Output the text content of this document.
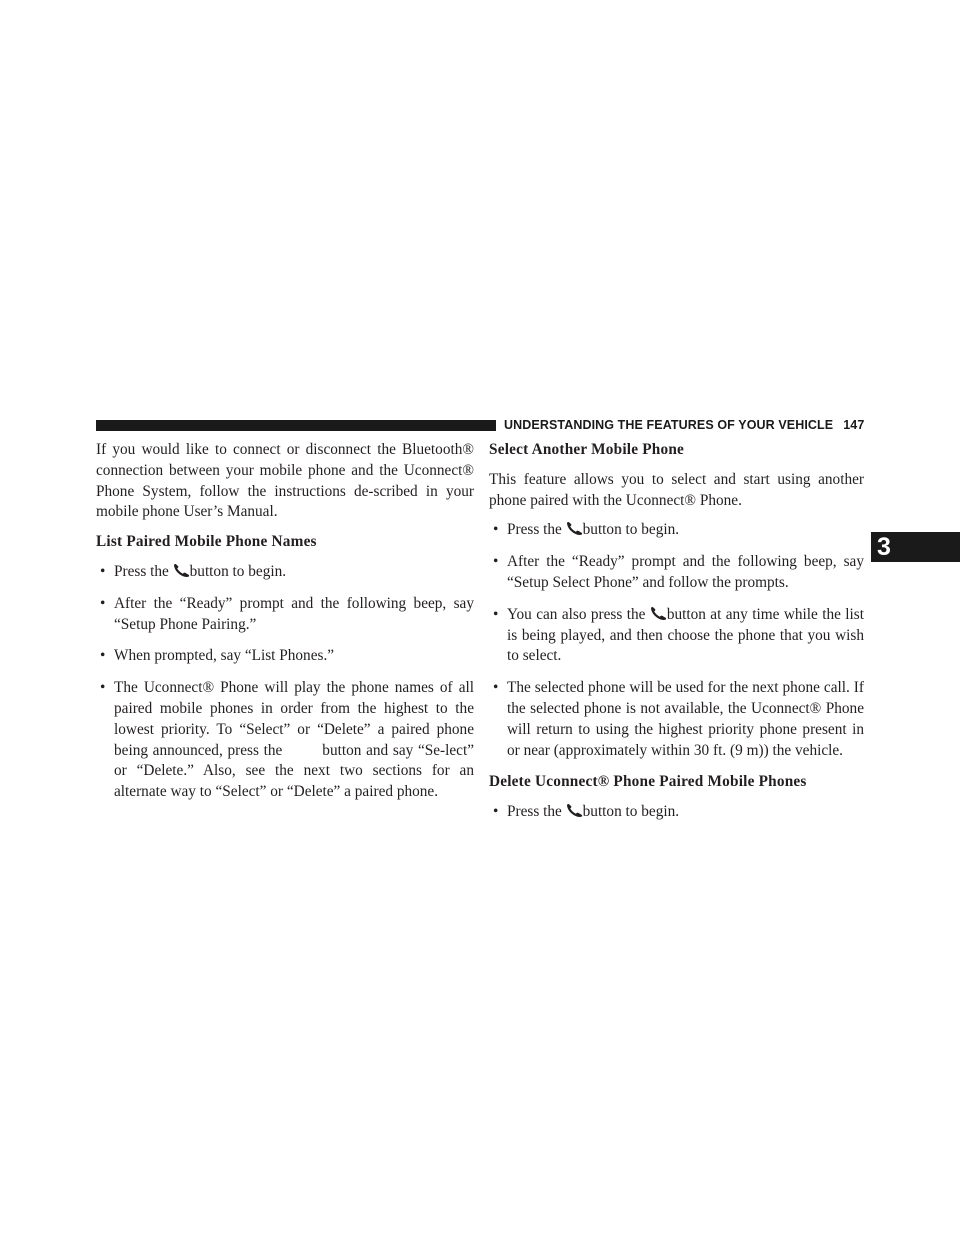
UNDERSTANDING THE FEATURES OF YOUR VEHICLE 147
3

If you would like to connect or disconnect the Bluetooth® connection between your mobile phone and the Uconnect® Phone System, follow the instructions de-scribed in your mobile phone User’s Manual.

List Paired Mobile Phone Names
• Press the button to begin.
• After the “Ready” prompt and the following beep, say “Setup Phone Pairing.”
• When prompted, say “List Phones.”
• The Uconnect® Phone will play the phone names of all paired mobile phones in order from the highest to the lowest priority. To “Select” or “Delete” a paired phone being announced, press the	button and say “Se-lect” or “Delete.” Also, see the next two sections for an alternate way to “Select” or “Delete” a paired phone.
Select Another Mobile Phone

This feature allows you to select and start using another phone paired with the Uconnect® Phone.

• Press the button to begin.
• After the “Ready” prompt and the following beep, say “Setup Select Phone” and follow the prompts.
• You can also press the button at any time while the list is being played, and then choose the phone that you wish to select.
• The selected phone will be used for the next phone call. If the selected phone is not available, the Uconnect® Phone will return to using the highest priority phone present in or near (approximately within 30 ft. (9 m)) the vehicle.
Delete Uconnect® Phone Paired Mobile Phones
• Press the button to begin.
